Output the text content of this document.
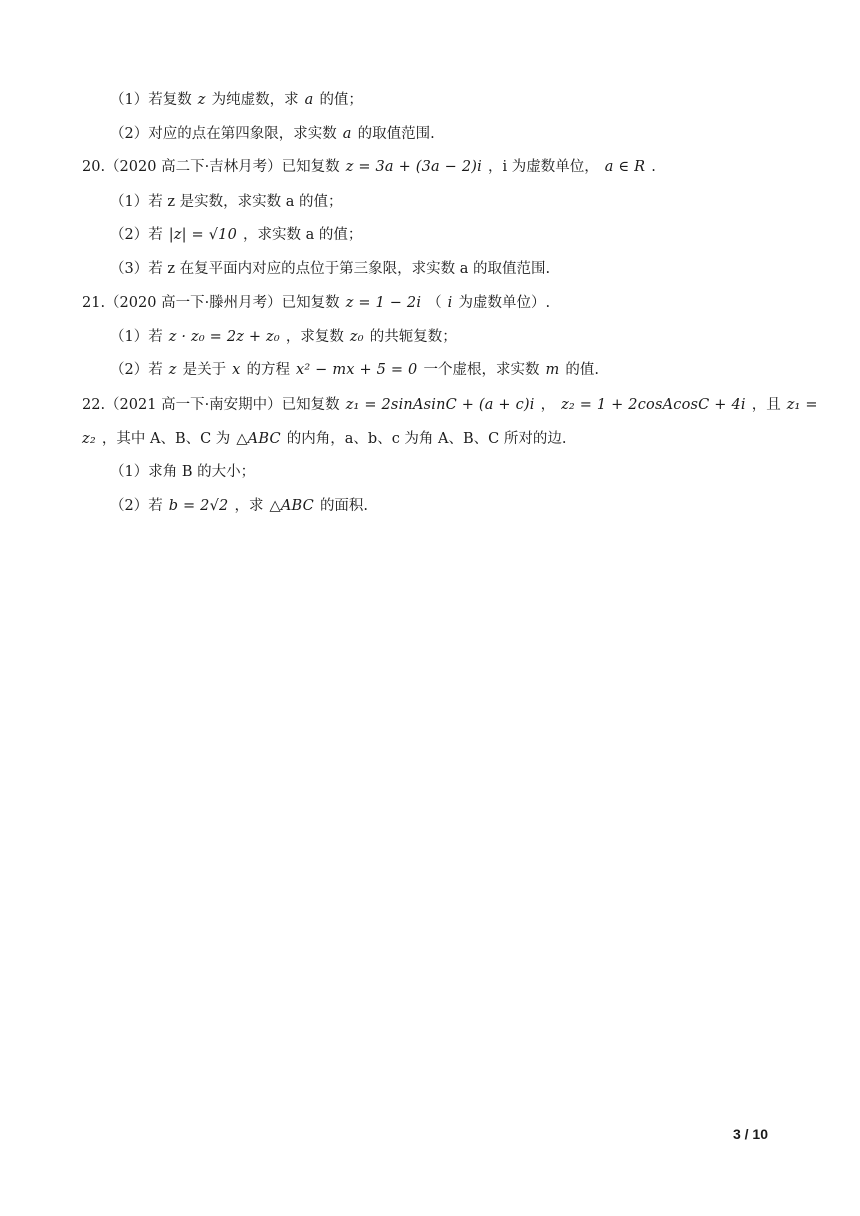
（1）若复数 z 为纯虚数，求 a 的值；
（2）对应的点在第四象限，求实数 a 的取值范围.
20.（2020 高二下·吉林月考）已知复数 z = 3a + (3a − 2)i ，i 为虚数单位， a ∈ R .
（1）若 z 是实数，求实数 a 的值；
（2）若 |z| = √10 ，求实数 a 的值；
（3）若 z 在复平面内对应的点位于第三象限，求实数 a 的取值范围.
21.（2020 高一下·滕州月考）已知复数 z = 1 − 2i （ i 为虚数单位）.
（1）若 z · z₀ = 2z + z₀ ，求复数 z₀ 的共轭复数；
（2）若 z 是关于 x 的方程 x² − mx + 5 = 0 一个虚根，求实数 m 的值.
22.（2021 高一下·南安期中）已知复数 z₁ = 2sinAsinC + (a + c)i ， z₂ = 1 + 2cosAcosC + 4i ，且 z₁ =
z₂ ，其中 A、B、C 为 △ABC 的内角，a、b、c 为角 A、B、C 所对的边.
（1）求角 B 的大小；
（2）若 b = 2√2 ，求 △ABC 的面积.
3 / 10
